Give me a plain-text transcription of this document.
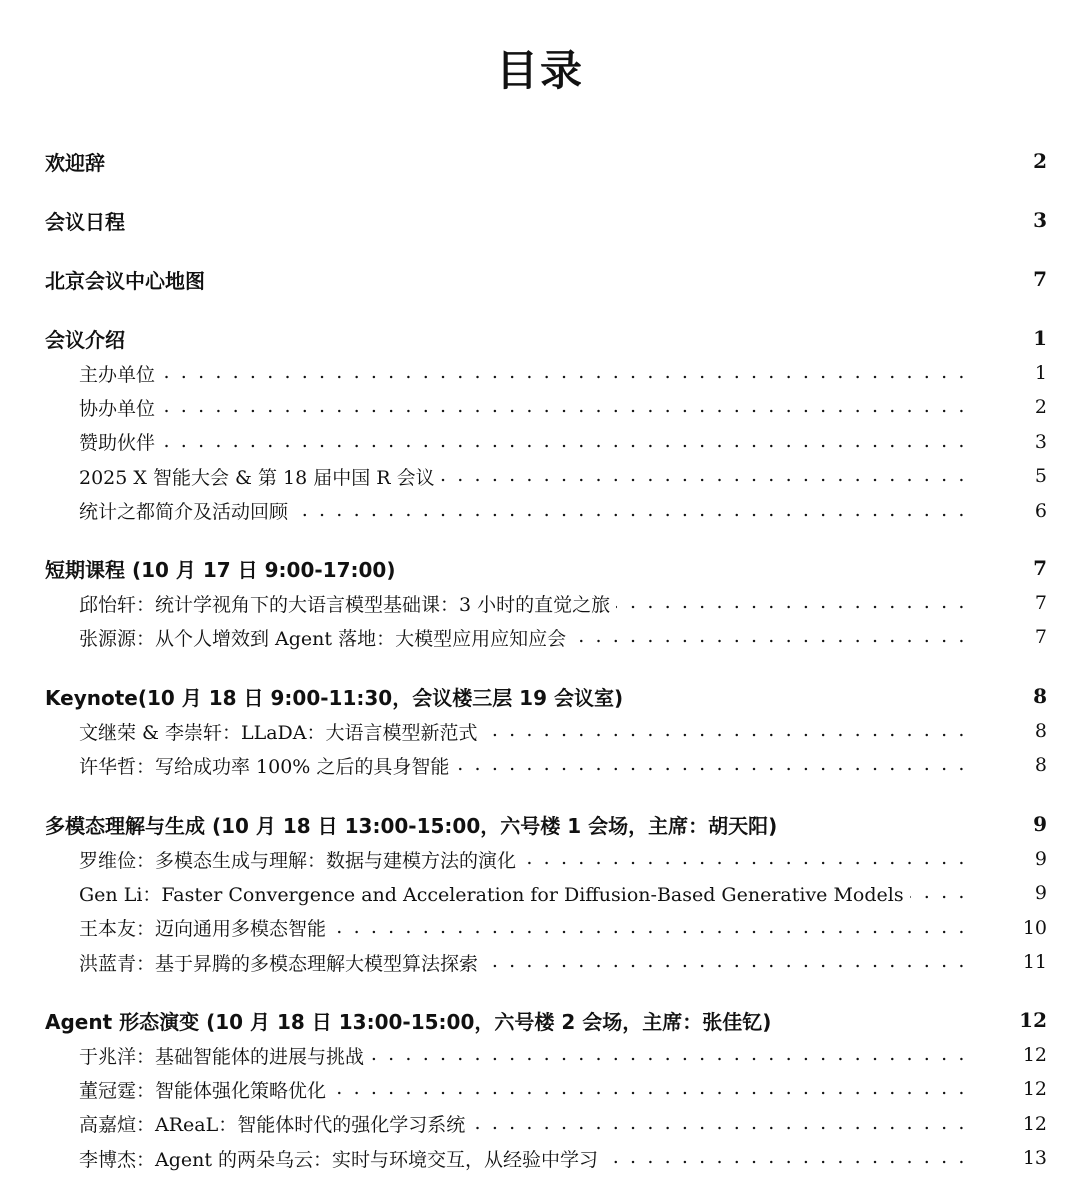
目录
欢迎辞	2
会议日程	3
北京会议中心地图	7
会议介绍	1
主办单位 . . .	1
协办单位 . . .	2
赞助伙伴 . . .	3
2025 X 智能大会 & 第 18 届中国 R 会议 . . .	5
统计之都简介及活动回顾 . . .	6
短期课程 (10 月 17 日 9:00-17:00)	7
邱怡轩：统计学视角下的大语言模型基础课：3 小时的直觉之旅 . . .	7
张源源：从个人增效到 Agent 落地：大模型应用应知应会 . . .	7
Keynote(10 月 18 日 9:00-11:30，会议楼三层 19 会议室)	8
文继荣 & 李崇轩：LLaDA：大语言模型新范式 . . .	8
许华哲：写给成功率 100% 之后的具身智能 . . .	8
多模态理解与生成 (10 月 18 日 13:00-15:00，六号楼 1 会场，主席：胡天阳)	9
罗维俭：多模态生成与理解：数据与建模方法的演化 . . .	9
Gen Li：Faster Convergence and Acceleration for Diffusion-Based Generative Models . . .	9
王本友：迈向通用多模态智能 . . .	10
洪蓝青：基于昇腾的多模态理解大模型算法探索 . . .	11
Agent 形态演变 (10 月 18 日 13:00-15:00，六号楼 2 会场，主席：张佳钇)	12
于兆洋：基础智能体的进展与挑战 . . .	12
董冠霆：智能体强化策略优化 . . .	12
高嘉煊：AReaL：智能体时代的强化学习系统 . . .	12
李博杰：Agent 的两朵乌云：实时与环境交互，从经验中学习 . . .	13
